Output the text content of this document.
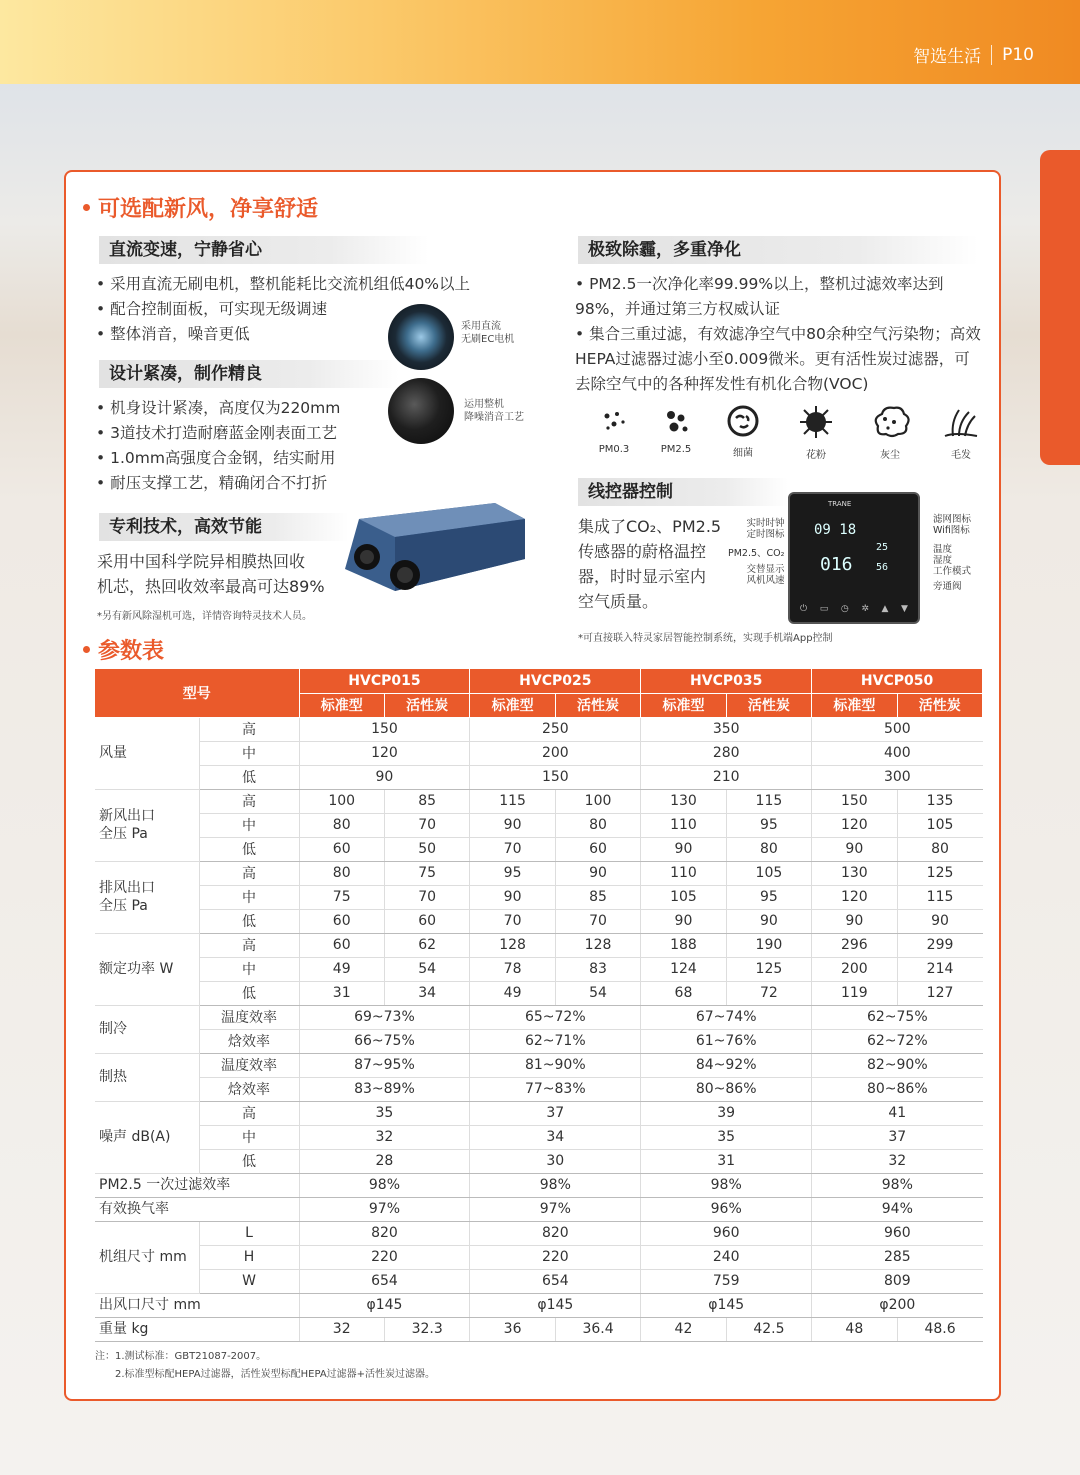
智选生活 P10
可选配新风，净享舒适
直流变速，宁静省心
• 采用直流无刷电机，整机能耗比交流机组低40%以上
• 配合控制面板，可实现无级调速
• 整体消音，噪音更低	采用直流
无刷EC电机
设计紧凑，制作精良
• 机身设计紧凑，高度仅为220mm
• 3道技术打造耐磨蓝金刚表面工艺
• 1.0mm高强度合金钢，结实耐用
• 耐压支撑工艺，精确闭合不打折
运用整机
降噪消音工艺
专利技术，高效节能
采用中国科学院异相膜热回收
机芯，热回收效率最高可达89%
*另有新风除湿机可选，详情咨询特灵技术人员。
极致除霾，多重净化
• PM2.5一次净化率99.99%以上，整机过滤效率达到98%，并通过第三方权威认证
• 集合三重过滤，有效滤净空气中80余种空气污染物；高效HEPA过滤器过滤小至0.009微米。更有活性炭过滤器，可去除空气中的各种挥发性有机化合物(VOC)
PM0.3	PM2.5	细菌	花粉	灰尘	毛发
线控器控制
集成了CO₂、PM2.5
传感器的蔚格温控
器，时时显示室内
空气质量。
实时时钟
定时图标
PM2.5、CO₂
交替显示
风机风速
TRANE
09 18
25
016 56
⏻ ▭ ◷ ✲ ▲ ▼
滤网图标
Wifi图标
温度
湿度
工作模式
旁通阀
*可直接联入特灵家居智能控制系统，实现手机端App控制
参数表
型号		HVCP015		HVCP025		HVCP035		HVCP050	
		标准型	活性炭	标准型	活性炭	标准型	活性炭	标准型	活性炭
风量	高	150		250		350		500	
	中	120		200		280		400	
	低	90		150		210		300	
新风出口
全压 Pa	高	100	85	115	100	130	115	150	135
	中	80	70	90	80	110	95	120	105
	低	60	50	70	60	90	80	90	80
排风出口
全压 Pa	高	80	75	95	90	110	105	130	125
	中	75	70	90	85	105	95	120	115
	低	60	60	70	70	90	90	90	90
额定功率 W	高	60	62	128	128	188	190	296	299
	中	49	54	78	83	124	125	200	214
	低	31	34	49	54	68	72	119	127
制冷	温度效率	69~73%		65~72%		67~74%		62~75%	
	焓效率	66~75%		62~71%		61~76%		62~72%	
制热	温度效率	87~95%		81~90%		84~92%		82~90%	
	焓效率	83~89%		77~83%		80~86%		80~86%	
噪声 dB(A)	高	35		37		39		41	
	中	32		34		35		37	
	低	28		30		31		32	
PM2.5 一次过滤效率		98%		98%		98%		98%	
有效换气率		97%		97%		96%		94%	
机组尺寸 mm	L	820		820		960		960	
	H	220		220		240		285	
	W	654		654		759		809	
出风口尺寸 mm		φ145		φ145		φ145		φ200	
重量 kg		32	32.3	36	36.4	42	42.5	48	48.6
注：1.测试标准：GBT21087-2007。
2.标准型标配HEPA过滤器，活性炭型标配HEPA过滤器+活性炭过滤器。
